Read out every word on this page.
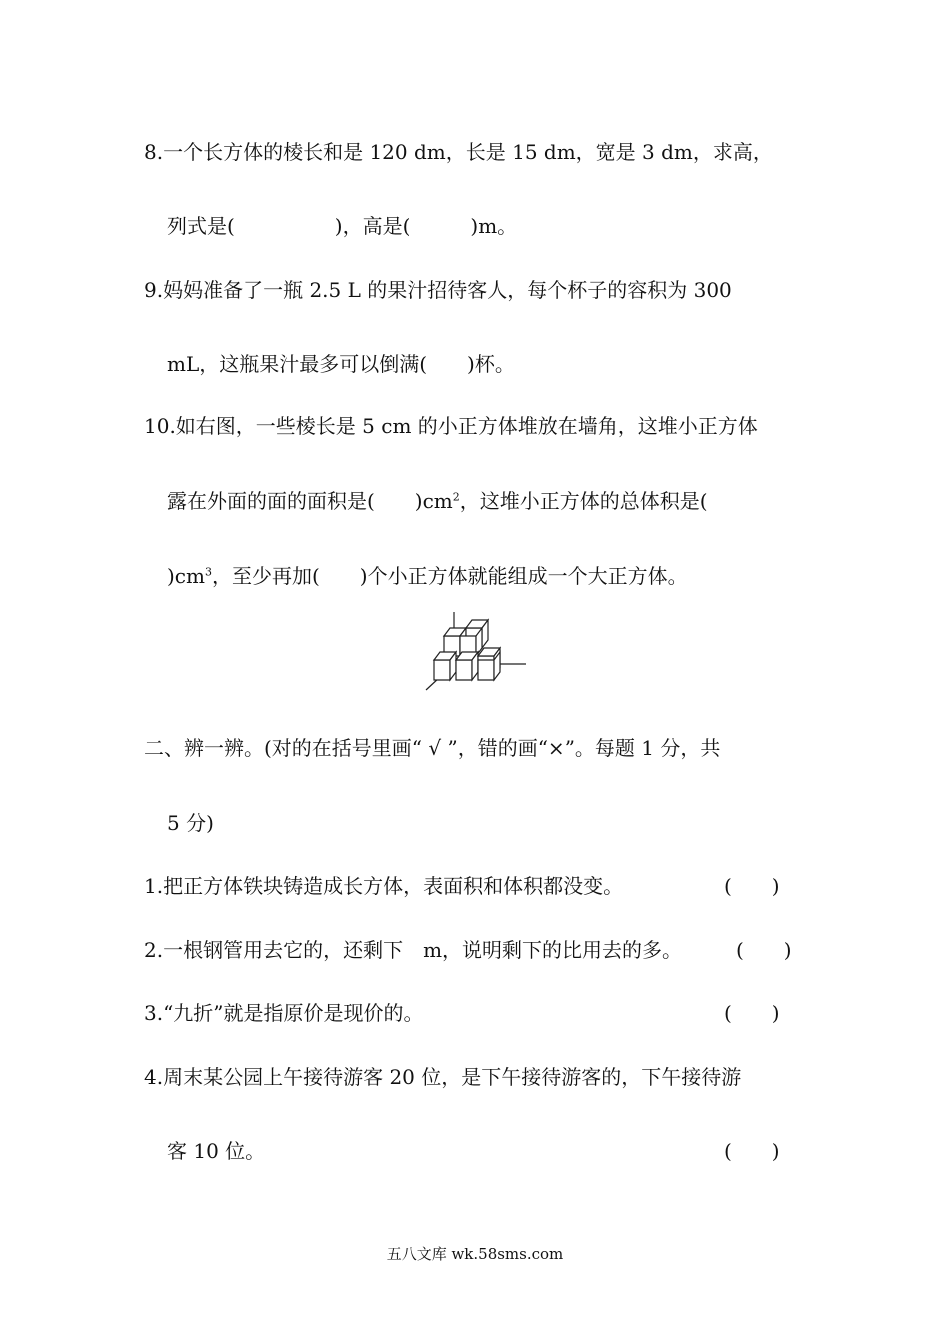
8.一个长方体的棱长和是 120 dm，长是 15 dm，宽是 3 dm，求高，
列式是(　　　　　)，高是(　　　)m。
9.妈妈准备了一瓶 2.5 L 的果汁招待客人，每个杯子的容积为 300
mL，这瓶果汁最多可以倒满(　　)杯。
10.如右图，一些棱长是 5 cm 的小正方体堆放在墙角，这堆小正方体
露在外面的面的面积是(　　)$cm^2$，这堆小正方体的总体积是(
)$cm^3$，至少再加(　　)个小正方体就能组成一个大正方体。
二、辨一辨。(对的在括号里画“ √ ”，错的画“×”。每题 1 分，共
5 分)
1.把正方体铁块铸造成长方体，表面积和体积都没变。	(　　)
2.一根钢管用去它的，还剩下　m，说明剩下的比用去的多。	(　　)
3.“九折”就是指原价是现价的。	(　　)
4.周末某公园上午接待游客 20 位，是下午接待游客的，下午接待游
客 10 位。	(　　)
五八文库 wk.58sms.com
